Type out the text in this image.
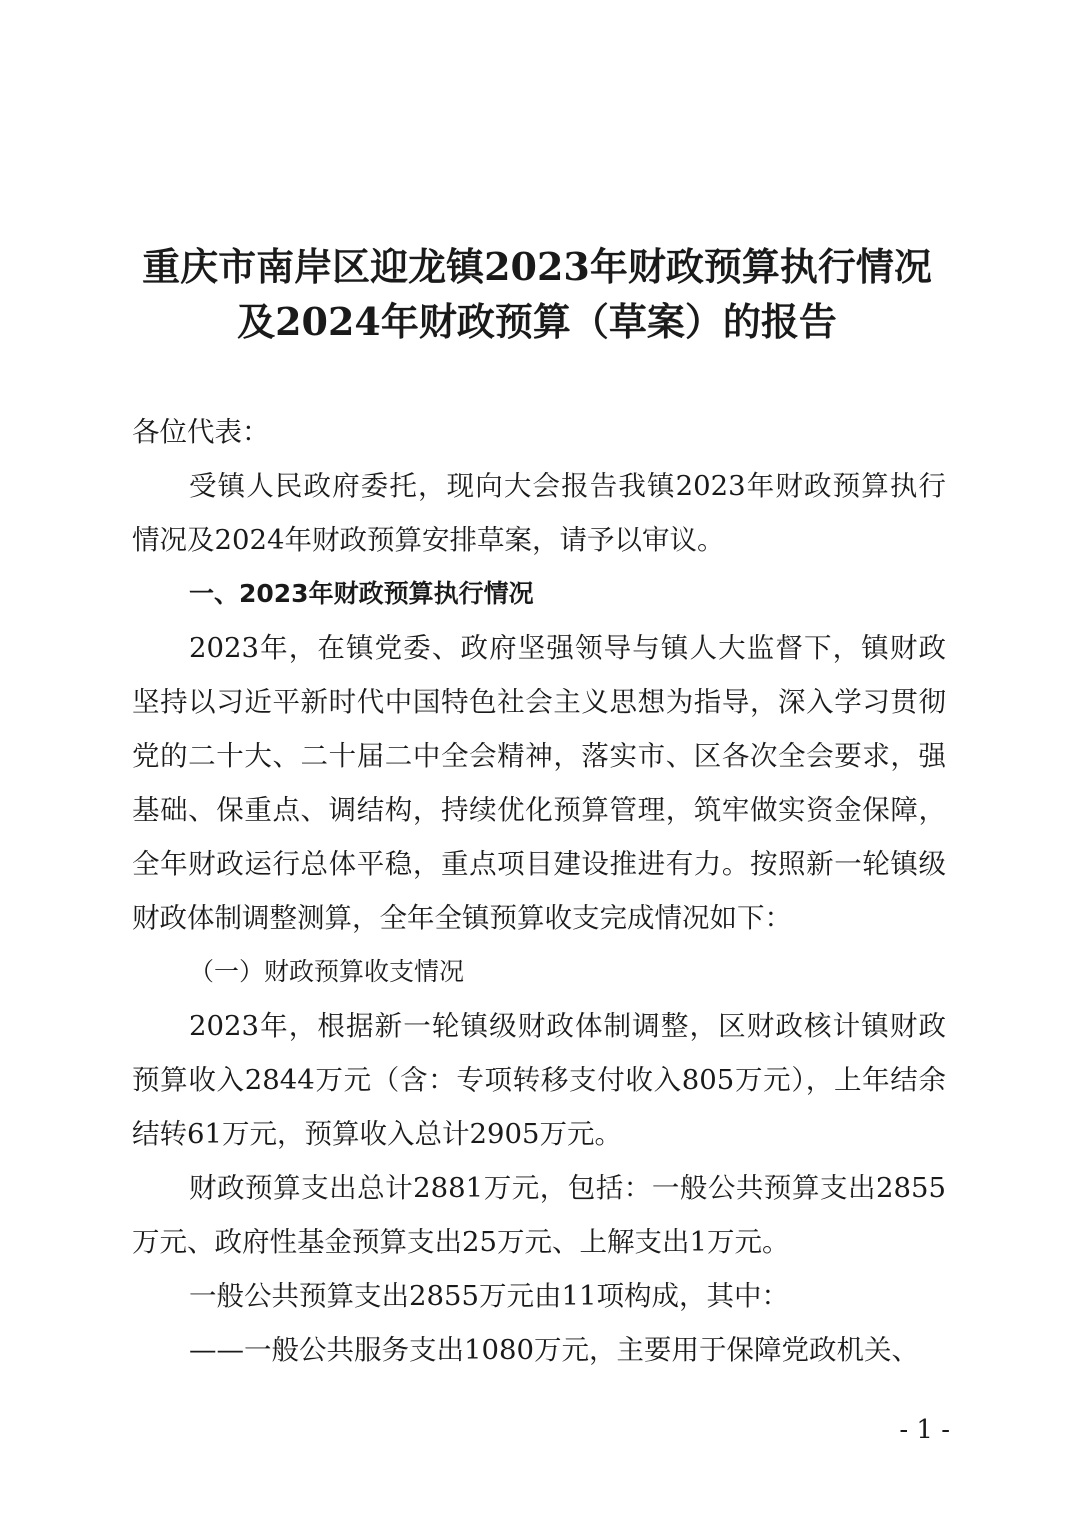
重庆市南岸区迎龙镇2023年财政预算执行情况
及2024年财政预算（草案）的报告
各位代表：

受镇人民政府委托，现向大会报告我镇2023年财政预算执行情况及2024年财政预算安排草案，请予以审议。

一、2023年财政预算执行情况

2023年，在镇党委、政府坚强领导与镇人大监督下，镇财政坚持以习近平新时代中国特色社会主义思想为指导，深入学习贯彻党的二十大、二十届二中全会精神，落实市、区各次全会要求，强基础、保重点、调结构，持续优化预算管理，筑牢做实资金保障，全年财政运行总体平稳，重点项目建设推进有力。按照新一轮镇级财政体制调整测算，全年全镇预算收支完成情况如下：

（一）财政预算收支情况

2023年，根据新一轮镇级财政体制调整，区财政核计镇财政预算收入2844万元（含：专项转移支付收入805万元），上年结余结转61万元，预算收入总计2905万元。

财政预算支出总计2881万元，包括：一般公共预算支出2855万元、政府性基金预算支出25万元、上解支出1万元。

一般公共预算支出2855万元由11项构成，其中：

——一般公共服务支出1080万元，主要用于保障党政机关、

- 1 -
